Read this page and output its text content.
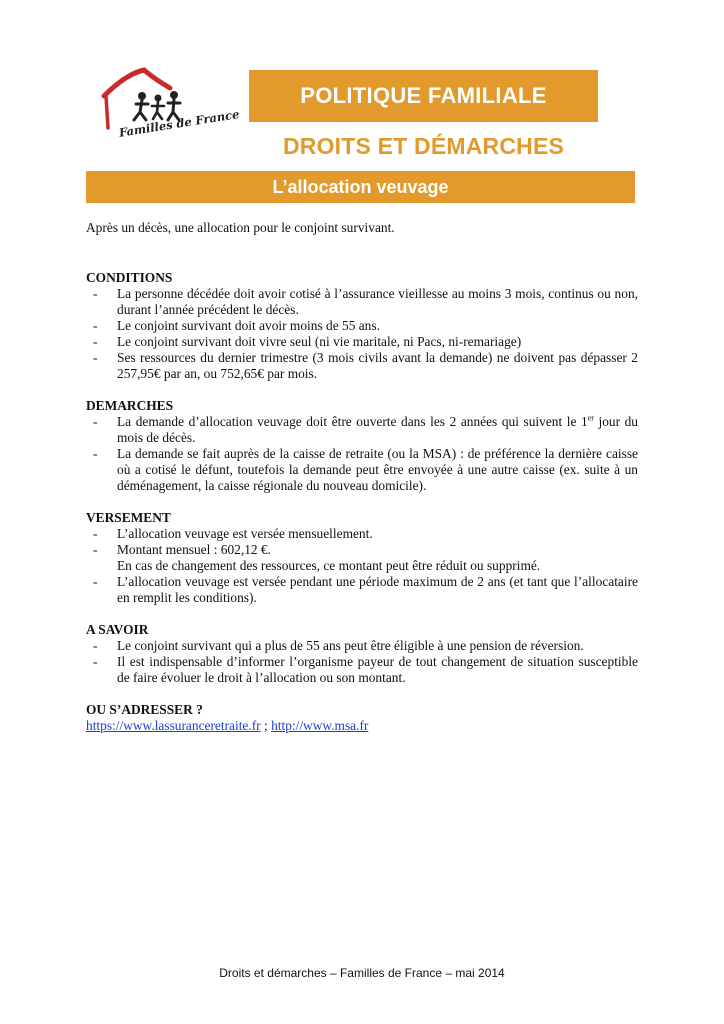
Familles de France
POLITIQUE FAMILIALE
DROITS ET DÉMARCHES
L’allocation veuvage

Après un décès, une allocation pour le conjoint survivant.

CONDITIONS

- La personne décédée doit avoir cotisé à l’assurance vieillesse au moins 3 mois, continus ou non, durant l’année précédent le décès.
- Le conjoint survivant doit avoir moins de 55 ans.
- Le conjoint survivant doit vivre seul (ni vie maritale, ni Pacs, ni-remariage)
- Ses ressources du dernier trimestre (3 mois civils avant la demande) ne doivent pas dépasser 2 257,95€ par an, ou 752,65€ par mois.

DEMARCHES

- La demande d’allocation veuvage doit être ouverte dans les 2 années qui suivent le 1er jour du mois de décès.
- La demande se fait auprès de la caisse de retraite (ou la MSA) : de préférence la dernière caisse où a cotisé le défunt, toutefois la demande peut être envoyée à une autre caisse (ex. suite à un déménagement, la caisse régionale du nouveau domicile).

VERSEMENT

- L’allocation veuvage est versée mensuellement.
- Montant mensuel : 602,12 €.
En cas de changement des ressources, ce montant peut être réduit ou supprimé.
- L’allocation veuvage est versée pendant une période maximum de 2 ans (et tant que l’allocataire en remplit les conditions).

A SAVOIR

- Le conjoint survivant qui a plus de 55 ans peut être éligible à une pension de réversion.
- Il est indispensable d’informer l’organisme payeur de tout changement de situation susceptible de faire évoluer le droit à l’allocation ou son montant.

OU S’ADRESSER ?

https://www.lassuranceretraite.fr ; http://www.msa.fr

Droits et démarches – Familles de France – mai 2014
